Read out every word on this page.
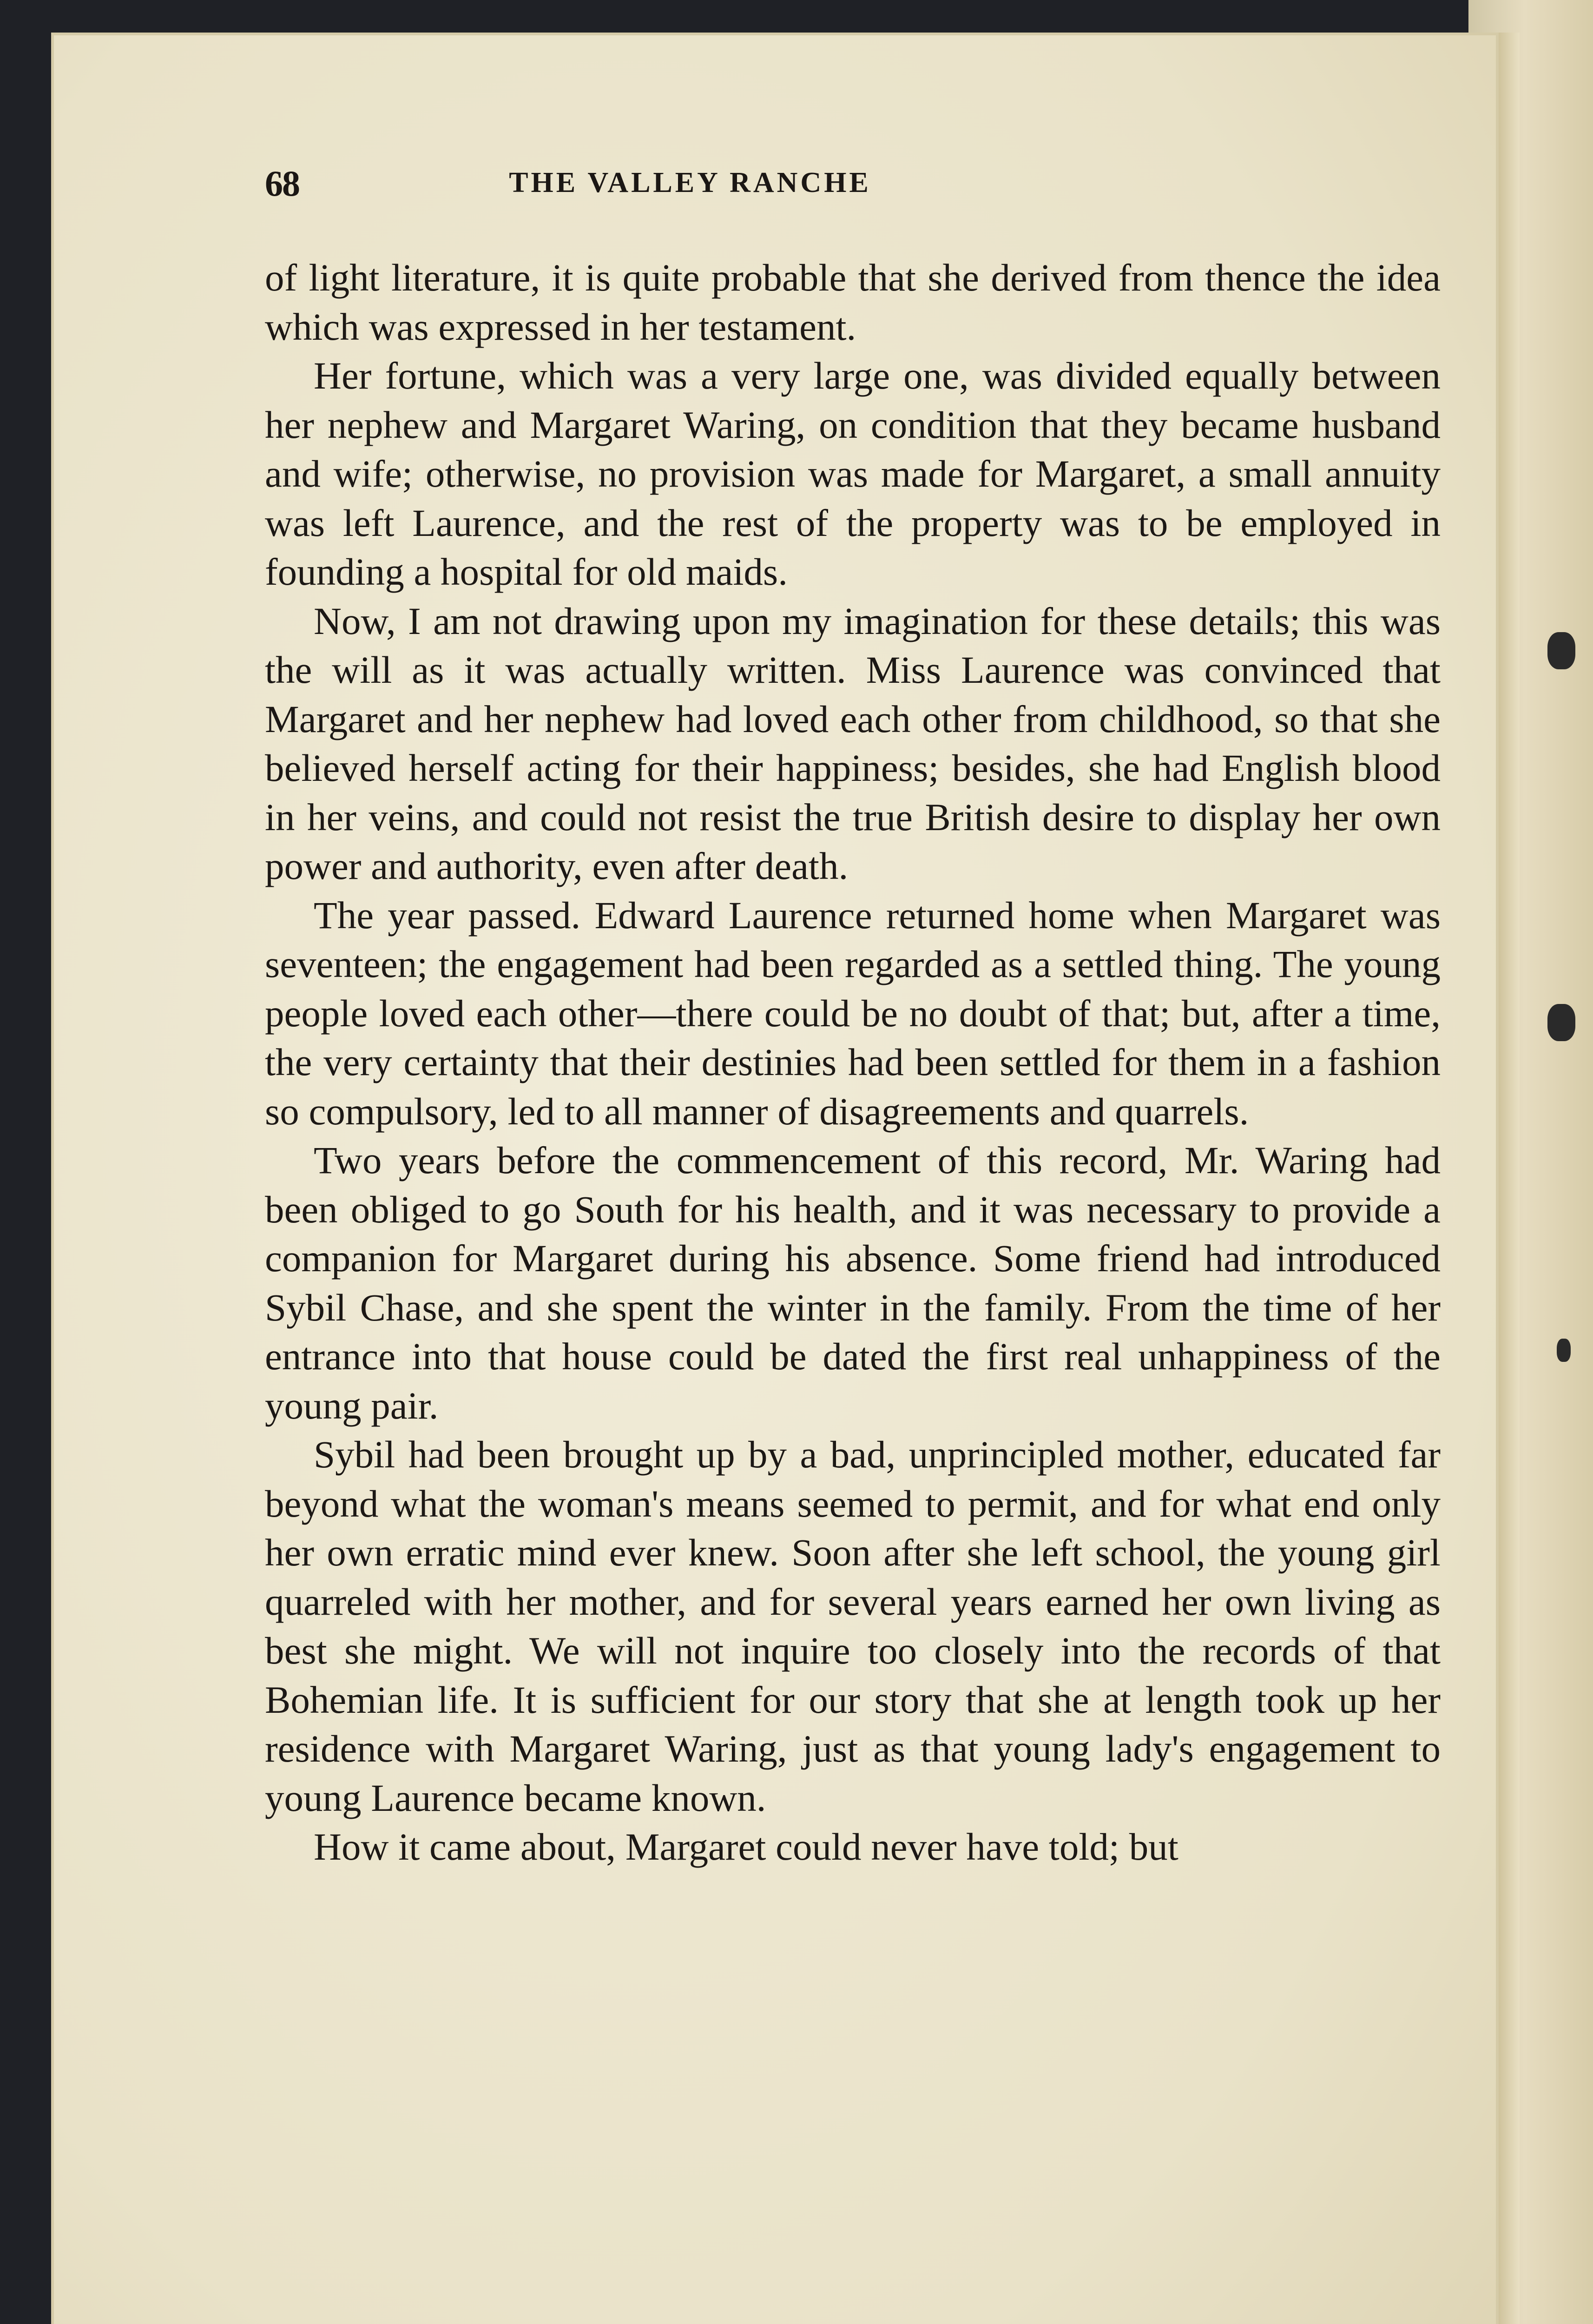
68	THE VALLEY RANCHE

of light literature, it is quite probable that she derived from thence the idea which was expressed in her testament.

Her fortune, which was a very large one, was divided equally between her nephew and Margaret Waring, on condition that they became husband and wife; otherwise, no provision was made for Margaret, a small annuity was left Laurence, and the rest of the property was to be employed in founding a hospital for old maids.

Now, I am not drawing upon my imagination for these details; this was the will as it was actually written. Miss Laurence was convinced that Margaret and her nephew had loved each other from childhood, so that she believed herself acting for their happiness; besides, she had English blood in her veins, and could not resist the true British desire to display her own power and authority, even after death.

The year passed. Edward Laurence returned home when Margaret was seventeen; the engagement had been regarded as a settled thing. The young people loved each other—there could be no doubt of that; but, after a time, the very certainty that their destinies had been settled for them in a fashion so compulsory, led to all manner of disagreements and quarrels.

Two years before the commencement of this record, Mr. Waring had been obliged to go South for his health, and it was necessary to provide a companion for Margaret during his absence. Some friend had introduced Sybil Chase, and she spent the winter in the family. From the time of her entrance into that house could be dated the first real unhappiness of the young pair.

Sybil had been brought up by a bad, unprincipled mother, educated far beyond what the woman's means seemed to permit, and for what end only her own erratic mind ever knew. Soon after she left school, the young girl quarreled with her mother, and for several years earned her own living as best she might. We will not inquire too closely into the records of that Bohemian life. It is sufficient for our story that she at length took up her residence with Margaret Waring, just as that young lady's engagement to young Laurence became known.

How it came about, Margaret could never have told; but
